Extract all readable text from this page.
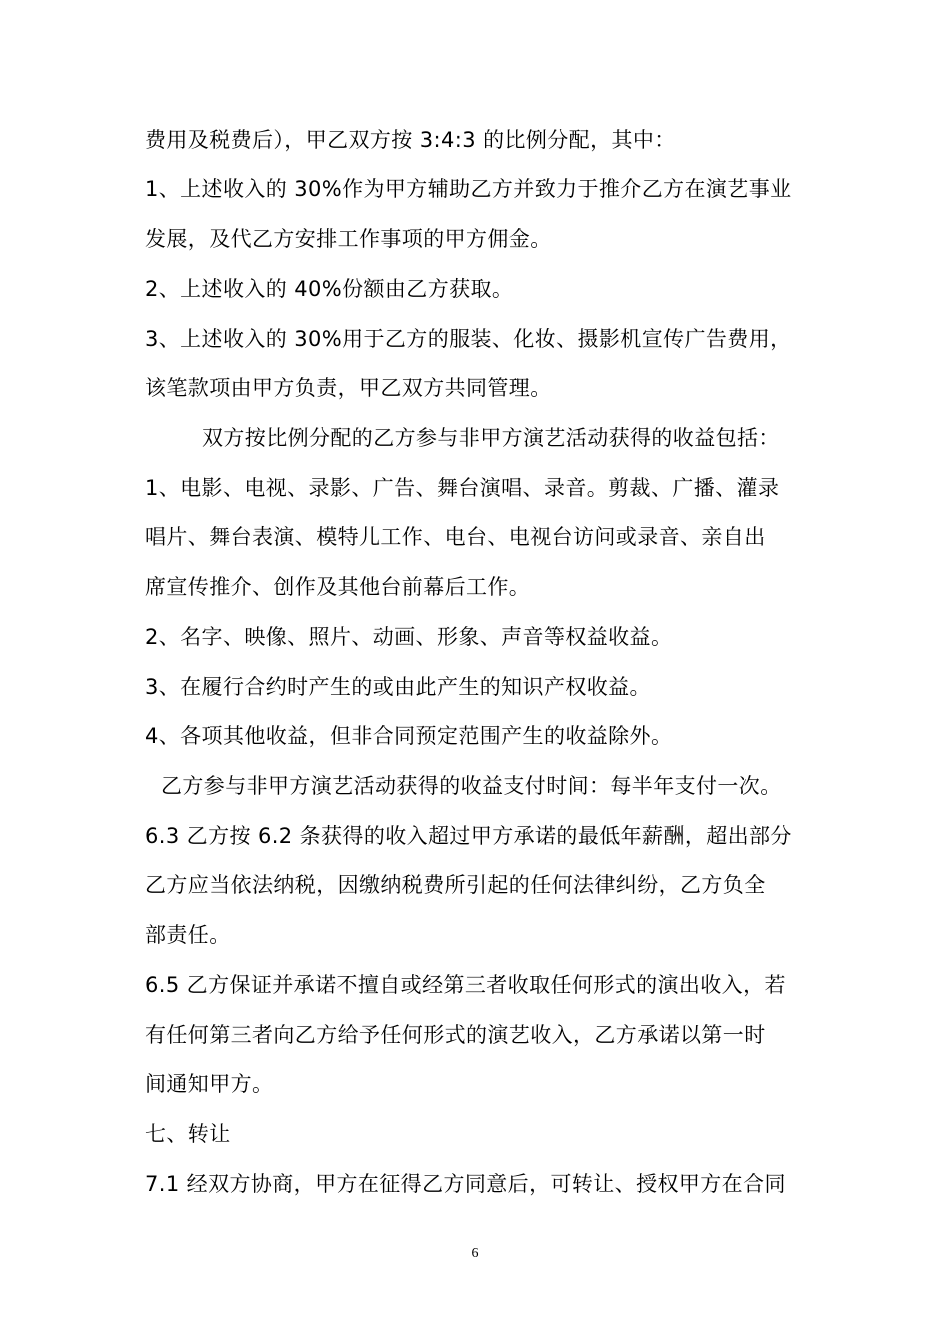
费用及税费后），甲乙双方按 3:4:3 的比例分配，其中：
1、上述收入的 30%作为甲方辅助乙方并致力于推介乙方在演艺事业
发展，及代乙方安排工作事项的甲方佣金。
2、上述收入的 40%份额由乙方获取。
3、上述收入的 30%用于乙方的服装、化妆、摄影机宣传广告费用，
该笔款项由甲方负责，甲乙双方共同管理。
双方按比例分配的乙方参与非甲方演艺活动获得的收益包括：
1、电影、电视、录影、广告、舞台演唱、录音。剪裁、广播、灌录
唱片、舞台表演、模特儿工作、电台、电视台访问或录音、亲自出
席宣传推介、创作及其他台前幕后工作。
2、名字、映像、照片、动画、形象、声音等权益收益。
3、在履行合约时产生的或由此产生的知识产权收益。
4、各项其他收益，但非合同预定范围产生的收益除外。
乙方参与非甲方演艺活动获得的收益支付时间：每半年支付一次。
6.3 乙方按 6.2 条获得的收入超过甲方承诺的最低年薪酬，超出部分
乙方应当依法纳税，因缴纳税费所引起的任何法律纠纷，乙方负全
部责任。
6.5 乙方保证并承诺不擅自或经第三者收取任何形式的演出收入，若
有任何第三者向乙方给予任何形式的演艺收入，乙方承诺以第一时
间通知甲方。
七、转让
7.1 经双方协商，甲方在征得乙方同意后，可转让、授权甲方在合同
6
